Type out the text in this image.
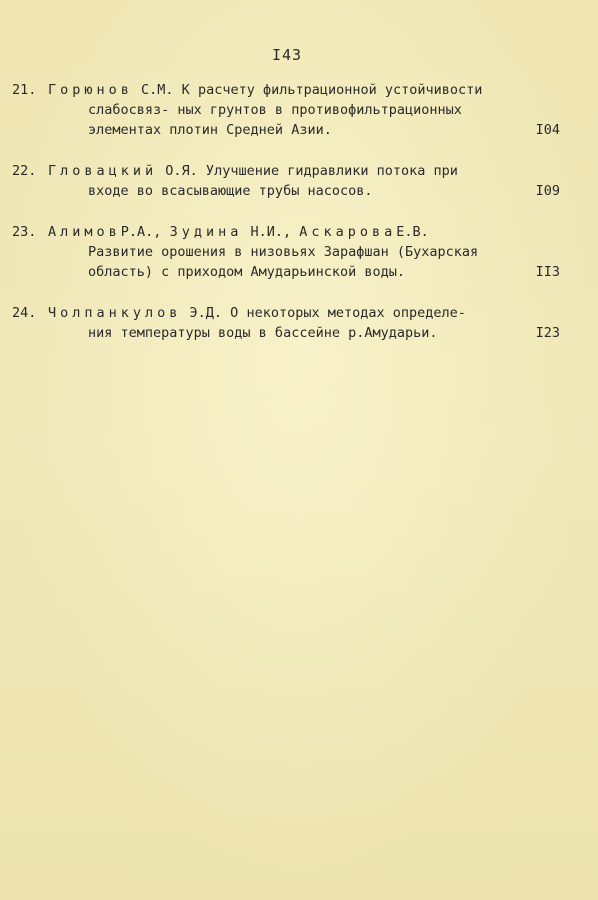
I43
21. Горюнов С.М. К расчету фильтрационной устойчивости
слабосвяз- ных грунтов в противофильтрационных
элементах плотин Средней Азии.	I04
22. Гловацкий О.Я. Улучшение гидравлики потока при
входе во всасывающие трубы насосов.	I09
23. АлимовР.А., Зудина Н.И., АскароваЕ.В.
Развитие орошения в низовьях Зарафшан (Бухарская
область) с приходом Амударьинской воды.	II3
24. Чолпанкулов Э.Д. О некоторых методах определе-
ния температуры воды в бассейне р.Амударьи.	I23
